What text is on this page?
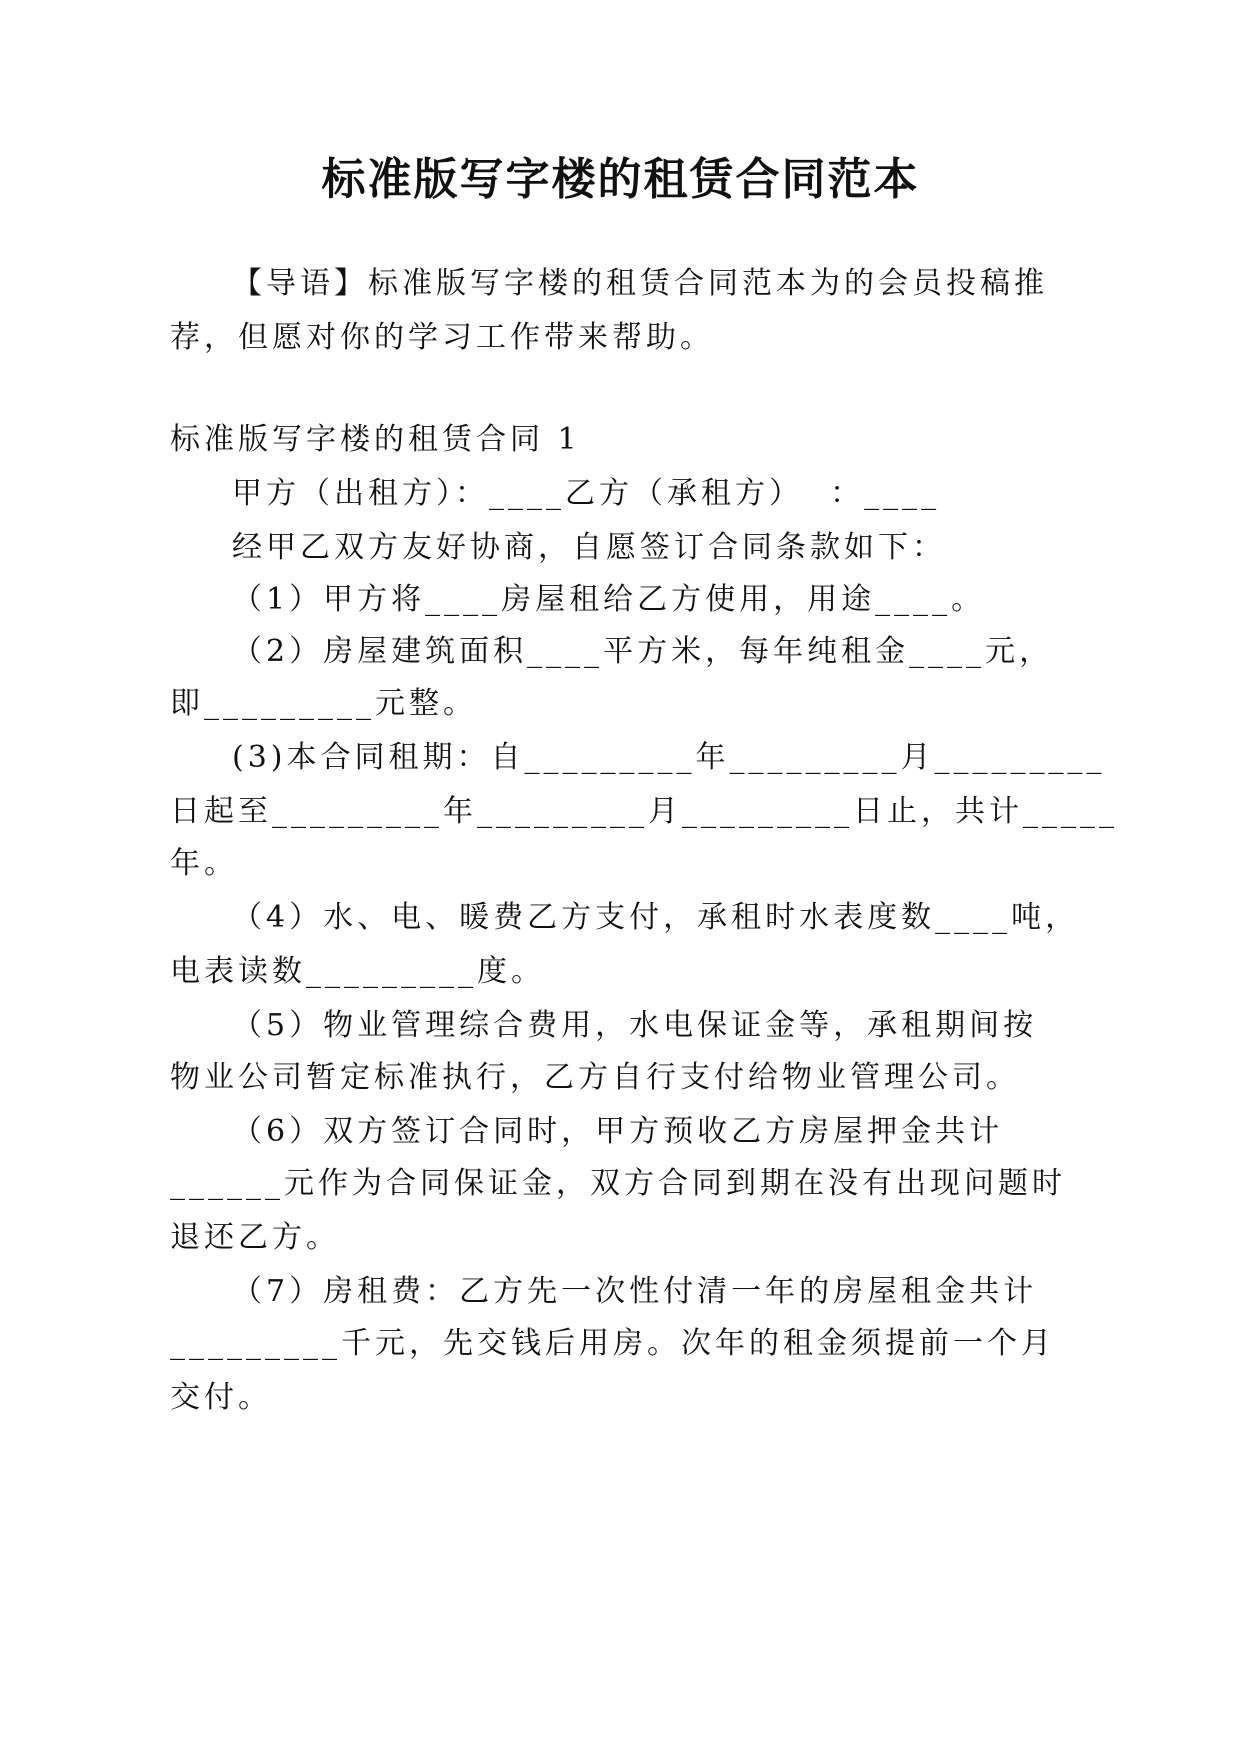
标准版写字楼的租赁合同范本
【导语】标准版写字楼的租赁合同范本为的会员投稿推
荐，但愿对你的学习工作带来帮助。
标准版写字楼的租赁合同 1
甲方（出租方）：____乙方（承租方）  ：____
经甲乙双方友好协商，自愿签订合同条款如下：
（1）甲方将____房屋租给乙方使用，用途____。
（2）房屋建筑面积____平方米，每年纯租金____元，
即_________元整。
(3)本合同租期：自_________年_________月_________
日起至_________年_________月_________日止，共计_____
年。
（4）水、电、暖费乙方支付，承租时水表度数____吨，
电表读数_________度。
（5）物业管理综合费用，水电保证金等，承租期间按
物业公司暂定标准执行，乙方自行支付给物业管理公司。
（6）双方签订合同时，甲方预收乙方房屋押金共计
______元作为合同保证金，双方合同到期在没有出现问题时
退还乙方。
（7）房租费：乙方先一次性付清一年的房屋租金共计
_________千元，先交钱后用房。次年的租金须提前一个月
交付。
